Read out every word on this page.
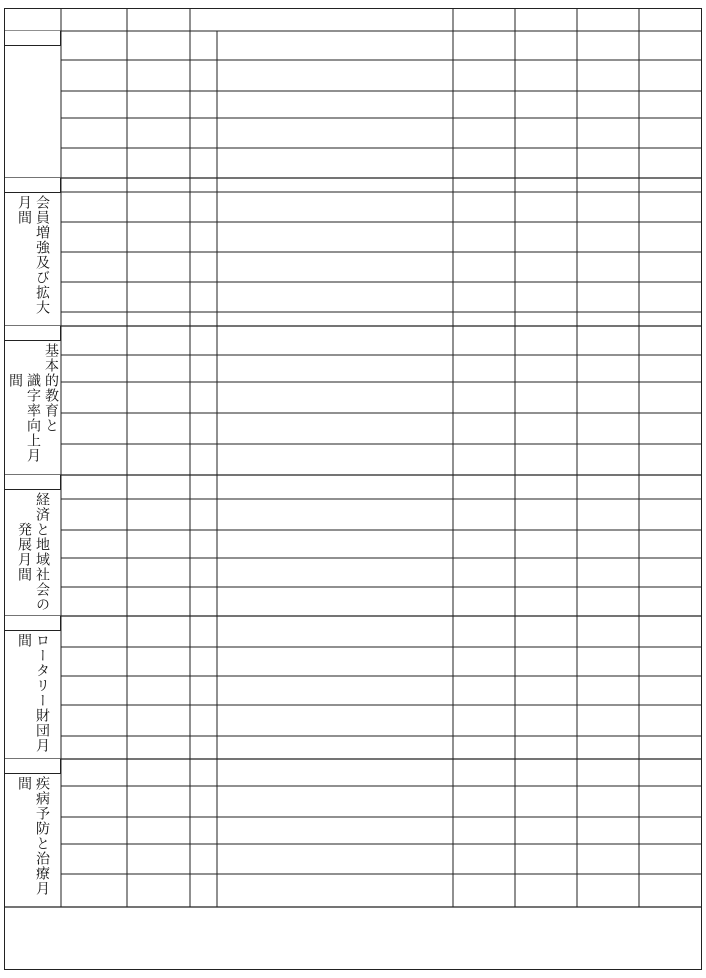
会員増強及び拡大月間
基本的教育と
識字率向上月間
経済と地域社会の
発展月間
ロータリー財団月間
疾病予防と治療月間
